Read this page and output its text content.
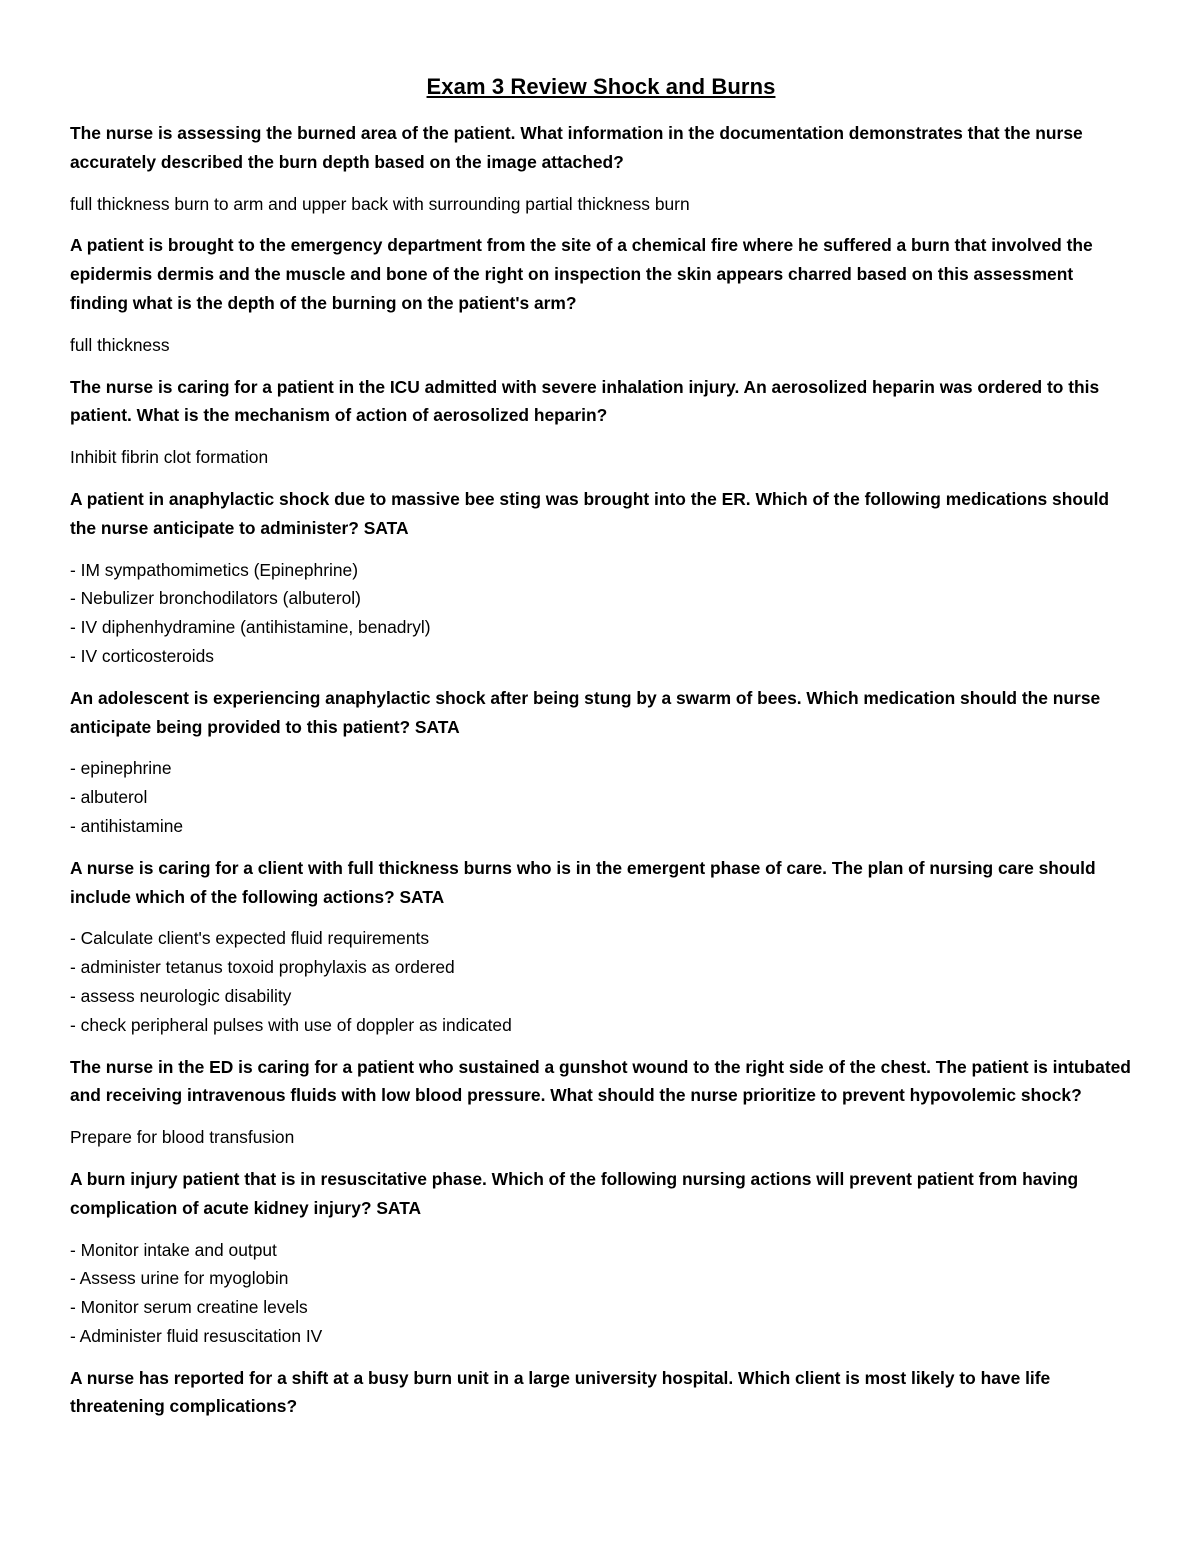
Exam 3 Review Shock and Burns
The nurse is assessing the burned area of the patient. What information in the documentation demonstrates that the nurse accurately described the burn depth based on the image attached?
full thickness burn to arm and upper back with surrounding partial thickness burn
A patient is brought to the emergency department from the site of a chemical fire where he suffered a burn that involved the epidermis dermis and the muscle and bone of the right on inspection the skin appears charred based on this assessment finding what is the depth of the burning on the patient's arm?
full thickness
The nurse is caring for a patient in the ICU admitted with severe inhalation injury. An aerosolized heparin was ordered to this patient. What is the mechanism of action of aerosolized heparin?
Inhibit fibrin clot formation
A patient in anaphylactic shock due to massive bee sting was brought into the ER. Which of the following medications should the nurse anticipate to administer? SATA
- IM sympathomimetics (Epinephrine)
- Nebulizer bronchodilators (albuterol)
- IV diphenhydramine (antihistamine, benadryl)
- IV corticosteroids
An adolescent is experiencing anaphylactic shock after being stung by a swarm of bees. Which medication should the nurse anticipate being provided to this patient? SATA
- epinephrine
- albuterol
- antihistamine
A nurse is caring for a client with full thickness burns who is in the emergent phase of care. The plan of nursing care should include which of the following actions? SATA
- Calculate client's expected fluid requirements
- administer tetanus toxoid prophylaxis as ordered
- assess neurologic disability
- check peripheral pulses with use of doppler as indicated
The nurse in the ED is caring for a patient who sustained a gunshot wound to the right side of the chest. The patient is intubated and receiving intravenous fluids with low blood pressure. What should the nurse prioritize to prevent hypovolemic shock?
Prepare for blood transfusion
A burn injury patient that is in resuscitative phase. Which of the following nursing actions will prevent patient from having complication of acute kidney injury? SATA
- Monitor intake and output
- Assess urine for myoglobin
- Monitor serum creatine levels
- Administer fluid resuscitation IV
A nurse has reported for a shift at a busy burn unit in a large university hospital. Which client is most likely to have life threatening complications?
